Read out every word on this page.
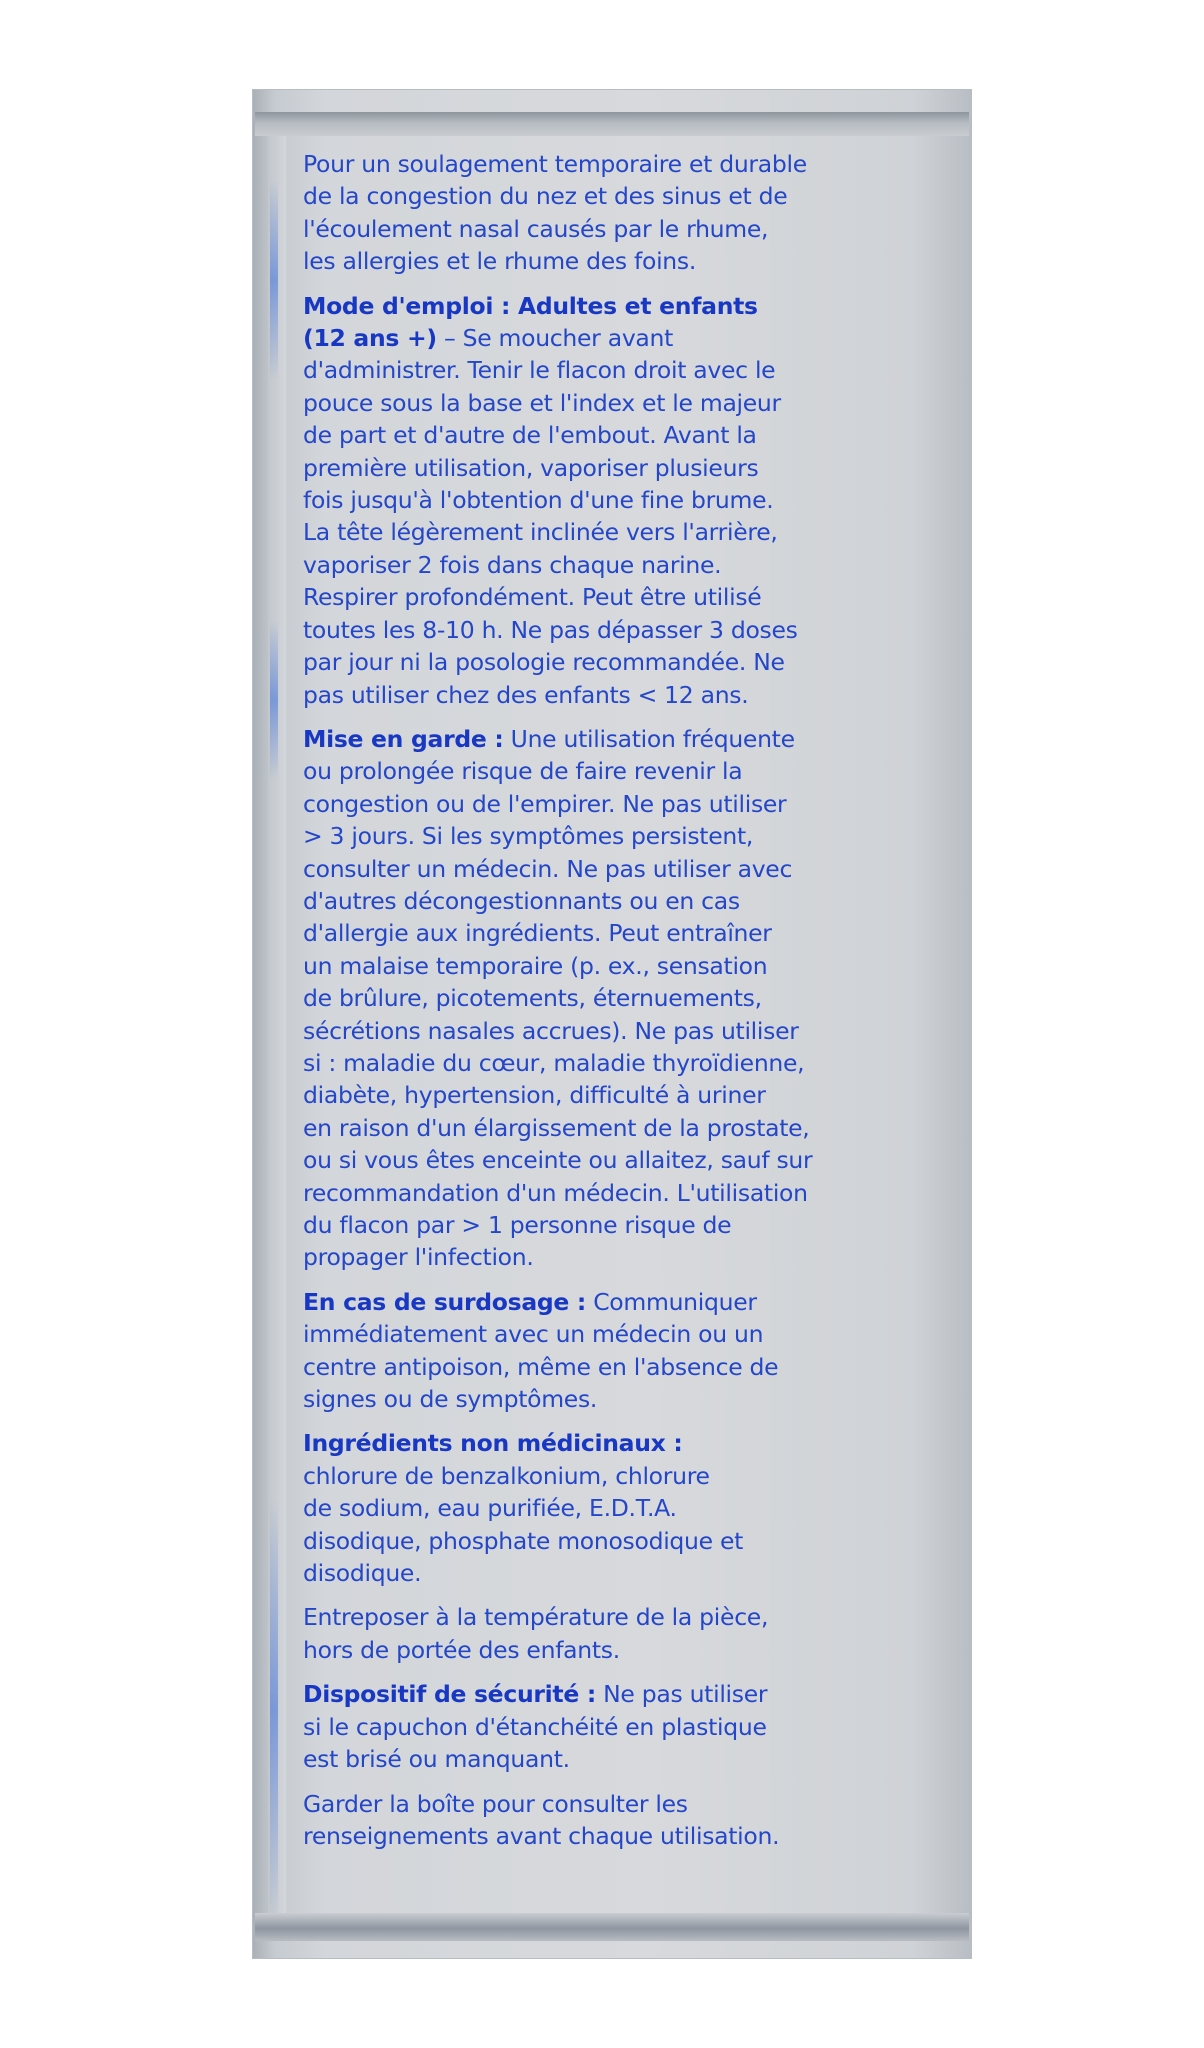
Pour un soulagement temporaire et durable
de la congestion du nez et des sinus et de
l'écoulement nasal causés par le rhume,
les allergies et le rhume des foins.
Mode d'emploi : Adultes et enfants
(12 ans +) – Se moucher avant
d'administrer. Tenir le flacon droit avec le
pouce sous la base et l'index et le majeur
de part et d'autre de l'embout. Avant la
première utilisation, vaporiser plusieurs
fois jusqu'à l'obtention d'une fine brume.
La tête légèrement inclinée vers l'arrière,
vaporiser 2 fois dans chaque narine.
Respirer profondément. Peut être utilisé
toutes les 8-10 h. Ne pas dépasser 3 doses
par jour ni la posologie recommandée. Ne
pas utiliser chez des enfants < 12 ans.
Mise en garde : Une utilisation fréquente
ou prolongée risque de faire revenir la
congestion ou de l'empirer. Ne pas utiliser
> 3 jours. Si les symptômes persistent,
consulter un médecin. Ne pas utiliser avec
d'autres décongestionnants ou en cas
d'allergie aux ingrédients. Peut entraîner
un malaise temporaire (p. ex., sensation
de brûlure, picotements, éternuements,
sécrétions nasales accrues). Ne pas utiliser
si : maladie du cœur, maladie thyroïdienne,
diabète, hypertension, difficulté à uriner
en raison d'un élargissement de la prostate,
ou si vous êtes enceinte ou allaitez, sauf sur
recommandation d'un médecin. L'utilisation
du flacon par > 1 personne risque de
propager l'infection.
En cas de surdosage : Communiquer
immédiatement avec un médecin ou un
centre antipoison, même en l'absence de
signes ou de symptômes.
Ingrédients non médicinaux :
chlorure de benzalkonium, chlorure
de sodium, eau purifiée, E.D.T.A.
disodique, phosphate monosodique et
disodique.
Entreposer à la température de la pièce,
hors de portée des enfants.
Dispositif de sécurité : Ne pas utiliser
si le capuchon d'étanchéité en plastique
est brisé ou manquant.
Garder la boîte pour consulter les
renseignements avant chaque utilisation.
